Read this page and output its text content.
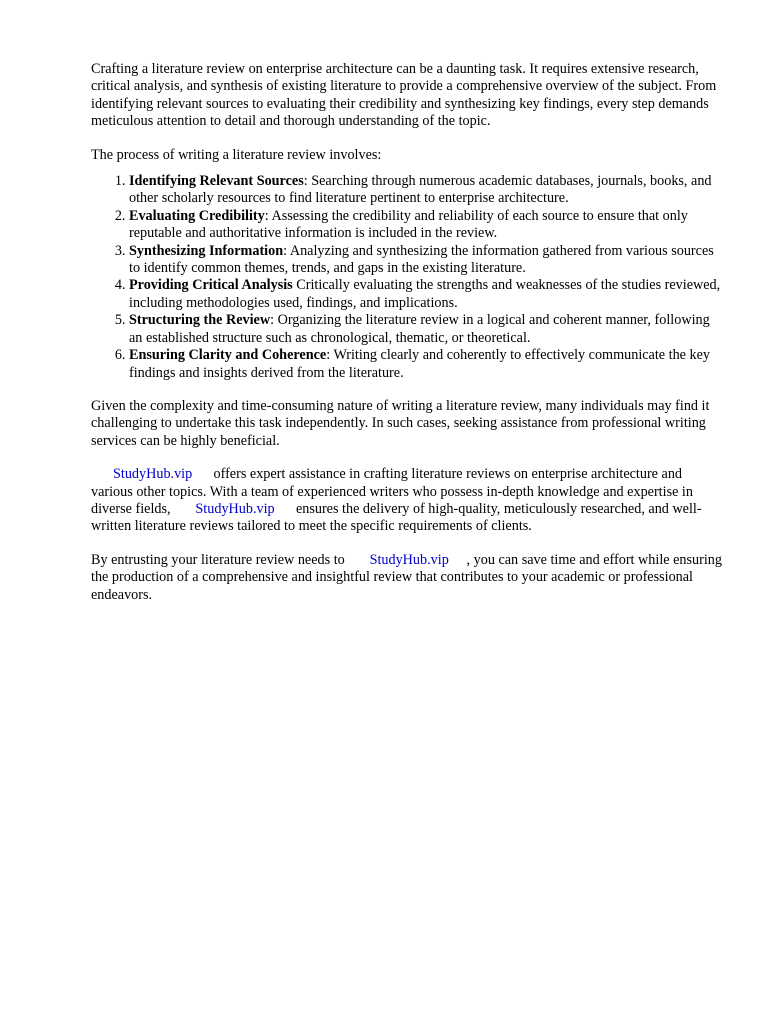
Crafting a literature review on enterprise architecture can be a daunting task. It requires extensive research, critical analysis, and synthesis of existing literature to provide a comprehensive overview of the subject. From identifying relevant sources to evaluating their credibility and synthesizing key findings, every step demands meticulous attention to detail and thorough understanding of the topic.

The process of writing a literature review involves:

1. Identifying Relevant Sources: Searching through numerous academic databases, journals, books, and other scholarly resources to find literature pertinent to enterprise architecture.
2. Evaluating Credibility: Assessing the credibility and reliability of each source to ensure that only reputable and authoritative information is included in the review.
3. Synthesizing Information: Analyzing and synthesizing the information gathered from various sources to identify common themes, trends, and gaps in the existing literature.
4. Providing Critical Analysis Critically evaluating the strengths and weaknesses of the studies reviewed, including methodologies used, findings, and implications.
5. Structuring the Review: Organizing the literature review in a logical and coherent manner, following an established structure such as chronological, thematic, or theoretical.
6. Ensuring Clarity and Coherence: Writing clearly and coherently to effectively communicate the key findings and insights derived from the literature.

Given the complexity and time-consuming nature of writing a literature review, many individuals may find it challenging to undertake this task independently. In such cases, seeking assistance from professional writing services can be highly beneficial.

StudyHub.vip offers expert assistance in crafting literature reviews on enterprise architecture and various other topics. With a team of experienced writers who possess in-depth knowledge and expertise in diverse fields, StudyHub.vip ensures the delivery of high-quality, meticulously researched, and well-written literature reviews tailored to meet the specific requirements of clients.

By entrusting your literature review needs to StudyHub.vip , you can save time and effort while ensuring the production of a comprehensive and insightful review that contributes to your academic or professional endeavors.
